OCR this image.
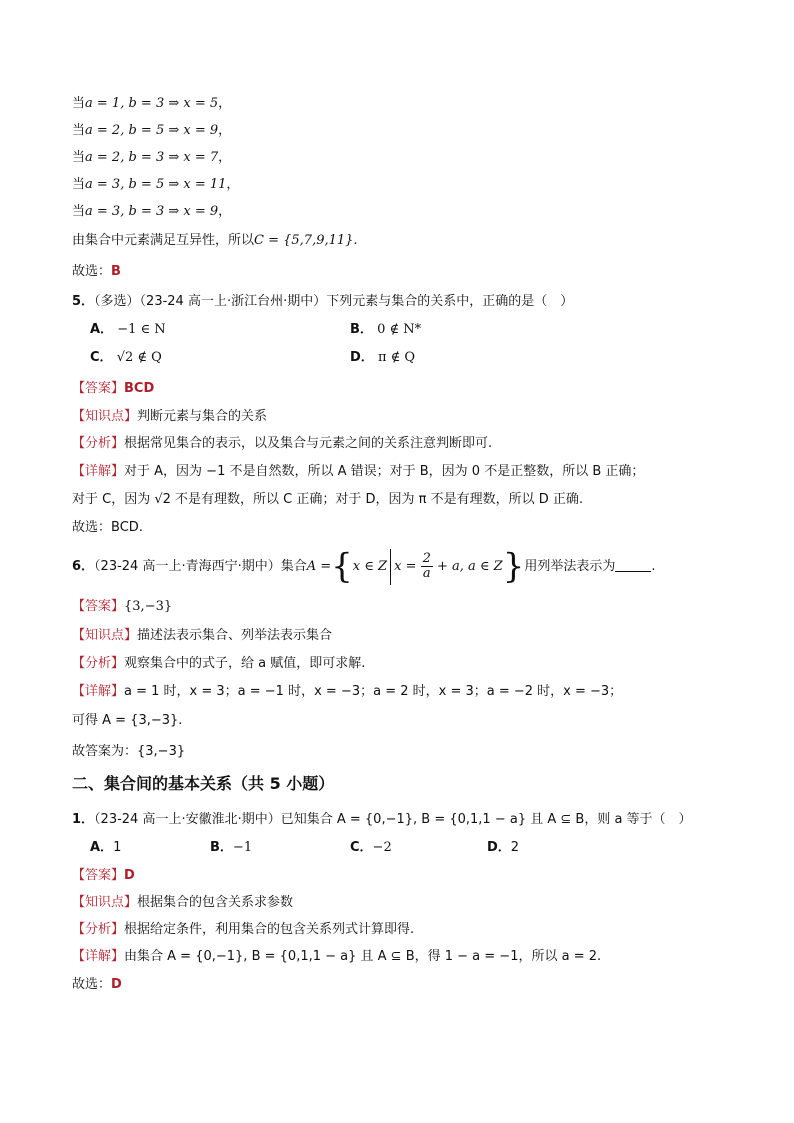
当a = 1, b = 3 ⇒ x = 5，
当a = 2, b = 5 ⇒ x = 9，
当a = 2, b = 3 ⇒ x = 7，
当a = 3, b = 5 ⇒ x = 11，
当a = 3, b = 3 ⇒ x = 9，
由集合中元素满足互异性，所以C = {5,7,9,11}.
故选：B
5．（多选）（23-24 高一上·浙江台州·期中）下列元素与集合的关系中，正确的是（　）
A． −1 ∈ N	B． 0 ∉ N*
C． √2 ∉ Q	D． π ∉ Q
【答案】BCD
【知识点】判断元素与集合的关系
【分析】根据常见集合的表示，以及集合与元素之间的关系注意判断即可.
【详解】对于 A，因为 −1 不是自然数，所以 A 错误；对于 B，因为 0 不是正整数，所以 B 正确；
对于 C，因为 √2 不是有理数，所以 C 正确；对于 D，因为 π 不是有理数，所以 D 正确.
故选：BCD.
6．（23-24 高一上·青海西宁·期中）集合A ={x ∈ Z $x = \frac{2}{a} + a$, a ∈ Z}用列举法表示为	.
【答案】{3,−3}
【知识点】描述法表示集合、列举法表示集合
【分析】观察集合中的式子，给 a 赋值，即可求解.
【详解】a = 1 时，x = 3；a = −1 时，x = −3；a = 2 时，x = 3；a = −2 时，x = −3；
可得 A = {3,−3}.
故答案为：{3,−3}
二、集合间的基本关系（共 5 小题）
1．（23-24 高一上·安徽淮北·期中）已知集合 A = {0,−1}, B = {0,1,1 − a} 且 A ⊆ B，则 a 等于（　）
A．1	B．−1	C．−2	D．2
【答案】D
【知识点】根据集合的包含关系求参数
【分析】根据给定条件，利用集合的包含关系列式计算即得.
【详解】由集合 A = {0,−1}, B = {0,1,1 − a} 且 A ⊆ B，得 1 − a = −1，所以 a = 2.
故选：D
